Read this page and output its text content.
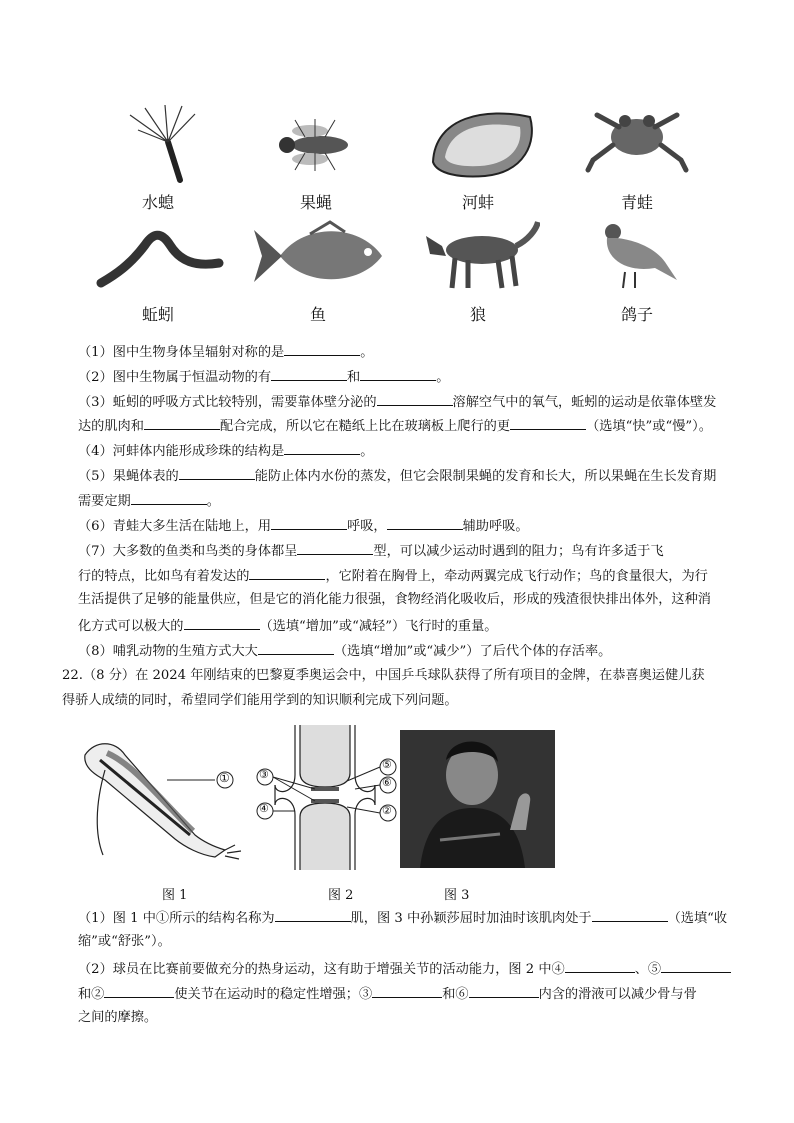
水螅	果蝇	河蚌	青蛙
蚯蚓	鱼	狼	鸽子
（1）图中生物身体呈辐射对称的是	。
（2）图中生物属于恒温动物的有	和	。
（3）蚯蚓的呼吸方式比较特别，需要靠体壁分泌的	溶解空气中的氧气，蚯蚓的运动是依靠体壁发
达的肌肉和	配合完成，所以它在糙纸上比在玻璃板上爬行的更	（选填“快”或“慢”）。
（4）河蚌体内能形成珍珠的结构是	。
（5）果蝇体表的	能防止体内水份的蒸发，但它会限制果蝇的发育和长大，所以果蝇在生长发育期
需要定期	。
（6）青蛙大多生活在陆地上，用	呼吸，	辅助呼吸。
（7）大多数的鱼类和鸟类的身体都呈	型，可以减少运动时遇到的阻力；鸟有许多适于飞
行的特点，比如鸟有着发达的	，它附着在胸骨上，牵动两翼完成飞行动作；鸟的食量很大，为行
生活提供了足够的能量供应，但是它的消化能力很强，食物经消化吸收后，形成的残渣很快排出体外，这种消
化方式可以极大的	（选填“增加”或“减轻”）飞行时的重量。
（8）哺乳动物的生殖方式大大	（选填“增加”或“减少”）了后代个体的存活率。
22.（8 分）在 2024 年刚结束的巴黎夏季奥运会中，中国乒乓球队获得了所有项目的金牌，在恭喜奥运健儿获
得骄人成绩的同时，希望同学们能用学到的知识顺利完成下列问题。
①
图 1
③
④
⑤
⑥
②
图 2	图 3
（1）图 1 中①所示的结构名称为	肌，图 3 中孙颖莎屈时加油时该肌肉处于	（选填“收
缩”或“舒张”）。
（2）球员在比赛前要做充分的热身运动，这有助于增强关节的活动能力，图 2 中④	、⑤
和②	使关节在运动时的稳定性增强；③	和⑥	内含的滑液可以减少骨与骨
之间的摩擦。
